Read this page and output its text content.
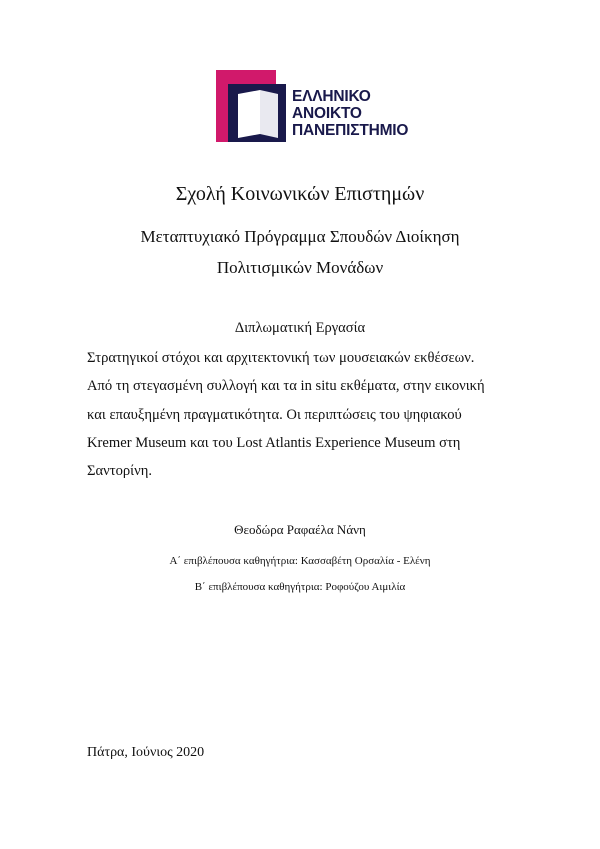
ΕΛΛΗΝΙΚΟ
ΑΝΟΙΚΤΟ
ΠΑΝΕΠΙΣΤΗΜΙΟ
Σχολή Κοινωνικών Επιστημών
Μεταπτυχιακό Πρόγραμμα Σπουδών Διοίκηση
Πολιτισμικών Μονάδων
Διπλωματική Εργασία
Στρατηγικοί στόχοι και αρχιτεκτονική των μουσειακών εκθέσεων.
Από τη στεγασμένη συλλογή και τα in situ εκθέματα, στην εικονική
και επαυξημένη πραγματικότητα. Οι περιπτώσεις του ψηφιακού
Kremer Museum και του Lost Atlantis Experience Museum στη
Σαντορίνη.
Θεοδώρα Ραφαέλα Νάνη
Α΄ επιβλέπουσα καθηγήτρια: Κασσαβέτη Ορσαλία - Ελένη
Β΄ επιβλέπουσα καθηγήτρια: Ροφούζου Αιμιλία
Πάτρα, Ιούνιος 2020
